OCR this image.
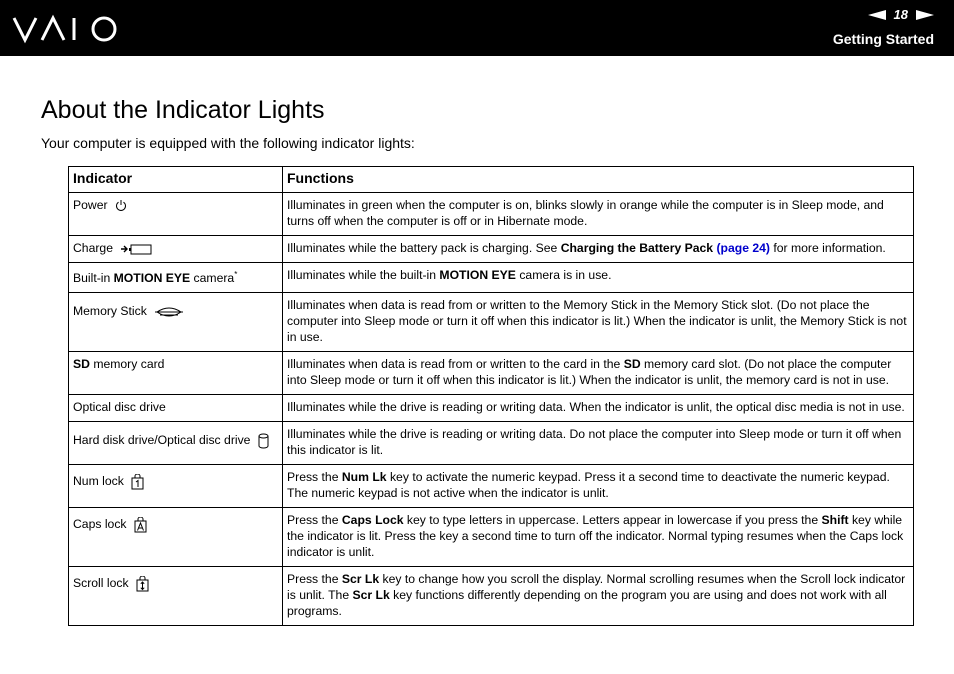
18
Getting Started
About the Indicator Lights

Your computer is equipped with the following indicator lights:

Indicator	Functions
Power	Illuminates in green when the computer is on, blinks slowly in orange while the computer is in Sleep mode, and turns off when the computer is off or in Hibernate mode.
Charge	Illuminates while the battery pack is charging. See Charging the Battery Pack (page 24) for more information.
Built-in MOTION EYE camera*	Illuminates while the built-in MOTION EYE camera is in use.
Memory Stick	Illuminates when data is read from or written to the Memory Stick in the Memory Stick slot. (Do not place the computer into Sleep mode or turn it off when this indicator is lit.) When the indicator is unlit, the Memory Stick is not in use.
SD memory card	Illuminates when data is read from or written to the card in the SD memory card slot. (Do not place the computer into Sleep mode or turn it off when this indicator is lit.) When the indicator is unlit, the memory card is not in use.
Optical disc drive	Illuminates while the drive is reading or writing data. When the indicator is unlit, the optical disc media is not in use.
Hard disk drive/Optical disc drive	Illuminates while the drive is reading or writing data. Do not place the computer into Sleep mode or turn it off when this indicator is lit.
Num lock	Press the Num Lk key to activate the numeric keypad. Press it a second time to deactivate the numeric keypad. The numeric keypad is not active when the indicator is unlit.
Caps lock	Press the Caps Lock key to type letters in uppercase. Letters appear in lowercase if you press the Shift key while the indicator is lit. Press the key a second time to turn off the indicator. Normal typing resumes when the Caps lock indicator is unlit.
Scroll lock	Press the Scr Lk key to change how you scroll the display. Normal scrolling resumes when the Scroll lock indicator is unlit. The Scr Lk key functions differently depending on the program you are using and does not work with all programs.
